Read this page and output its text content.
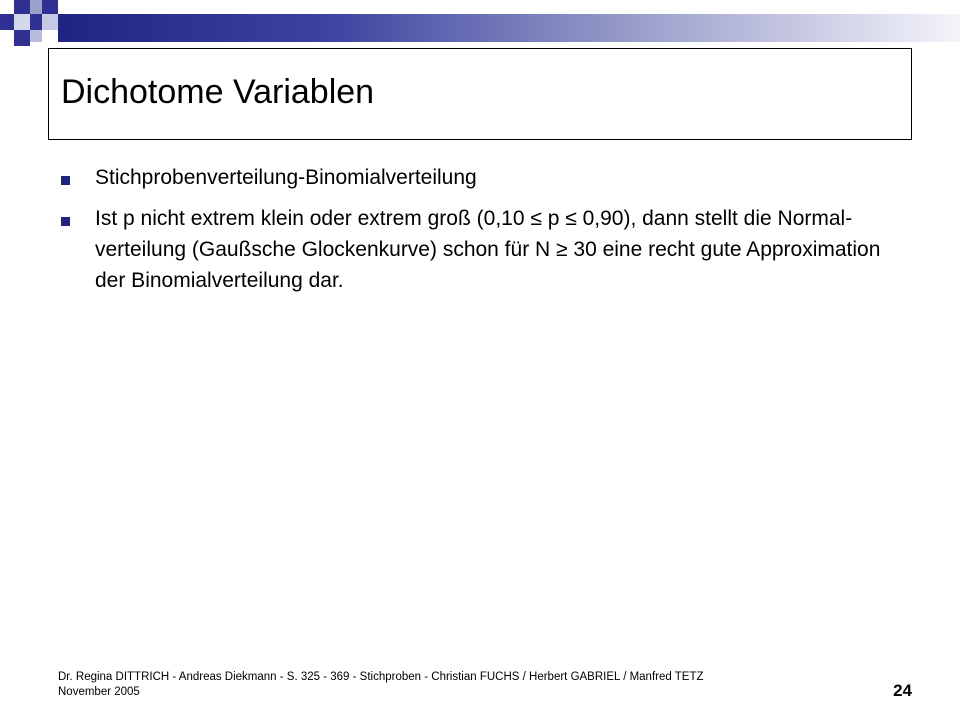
Dichotome Variablen
Stichprobenverteilung-Binomialverteilung
Ist p nicht extrem klein oder extrem groß (0,10 ≤ p ≤ 0,90), dann stellt die Normal-verteilung (Gaußsche Glockenkurve) schon für N ≥ 30 eine recht gute Approximation der Binomialverteilung dar.
Dr. Regina DITTRICH - Andreas Diekmann - S. 325 - 369 - Stichproben - Christian FUCHS / Herbert GABRIEL / Manfred TETZ
November 2005	24
